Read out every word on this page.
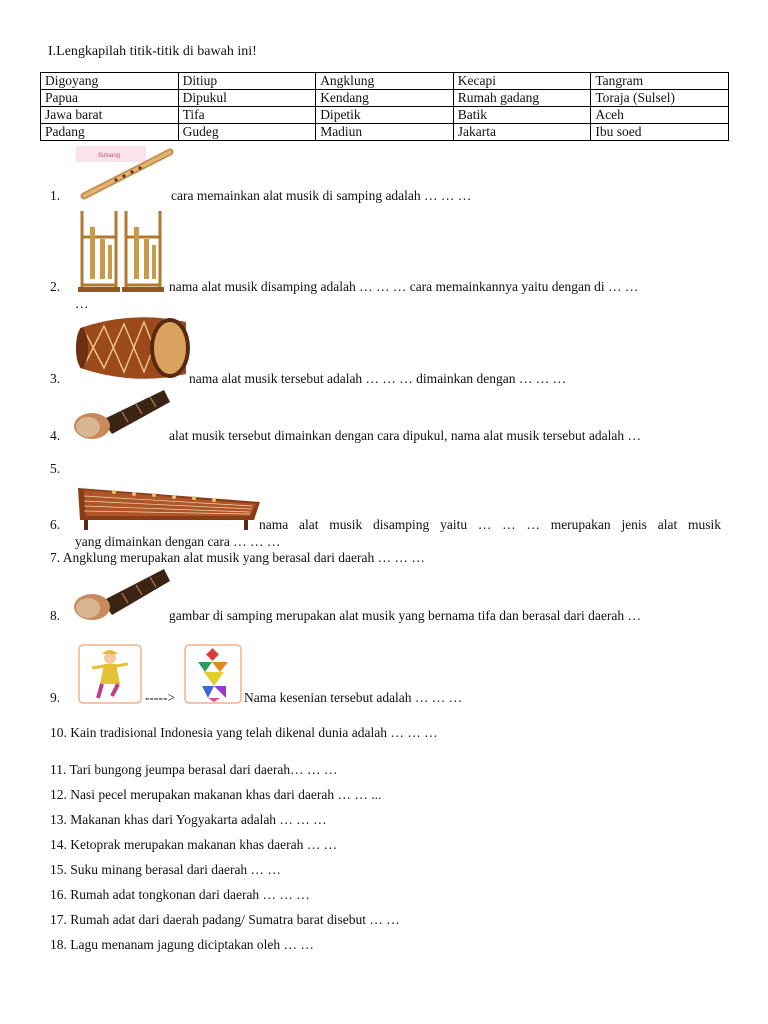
I.Lengkapilah titik-titik di bawah ini!
Digoyang	Ditiup	Angklung	Kecapi	Tangram
Papua	Dipukul	Kendang	Rumah gadang	Toraja (Sulsel)
Jawa barat	Tifa	Dipetik	Batik	Aceh
Padang	Gudeg	Madiun	Jakarta	Ibu soed
Suluang
1.	cara memainkan alat musik di samping adalah … … …
2.	nama alat musik disamping adalah … … … cara memainkannya yaitu dengan di … …
…
3.	nama alat musik tersebut adalah … … … dimainkan dengan … … …
4.	alat musik tersebut dimainkan dengan cara dipukul, nama alat musik tersebut adalah …
5.
6.	nama alat musik disamping yaitu … … … merupakan jenis alat musik
yang dimainkan dengan cara … … …
7. Angklung merupakan alat musik yang berasal dari daerah … … …
8.	gambar di samping merupakan alat musik yang bernama tifa dan berasal dari daerah …
9.	----->	Nama kesenian tersebut adalah … … …
10. Kain tradisional Indonesia yang telah dikenal dunia adalah … … …
11. Tari bungong jeumpa berasal dari daerah… … …
12. Nasi pecel merupakan makanan khas dari daerah … … ...
13. Makanan khas dari Yogyakarta adalah … … …
14. Ketoprak merupakan makanan khas daerah … …
15. Suku minang berasal dari daerah … …
16. Rumah adat tongkonan dari daerah … … …
17. Rumah adat dari daerah padang/ Sumatra barat disebut … …
18. Lagu menanam jagung diciptakan oleh … …
